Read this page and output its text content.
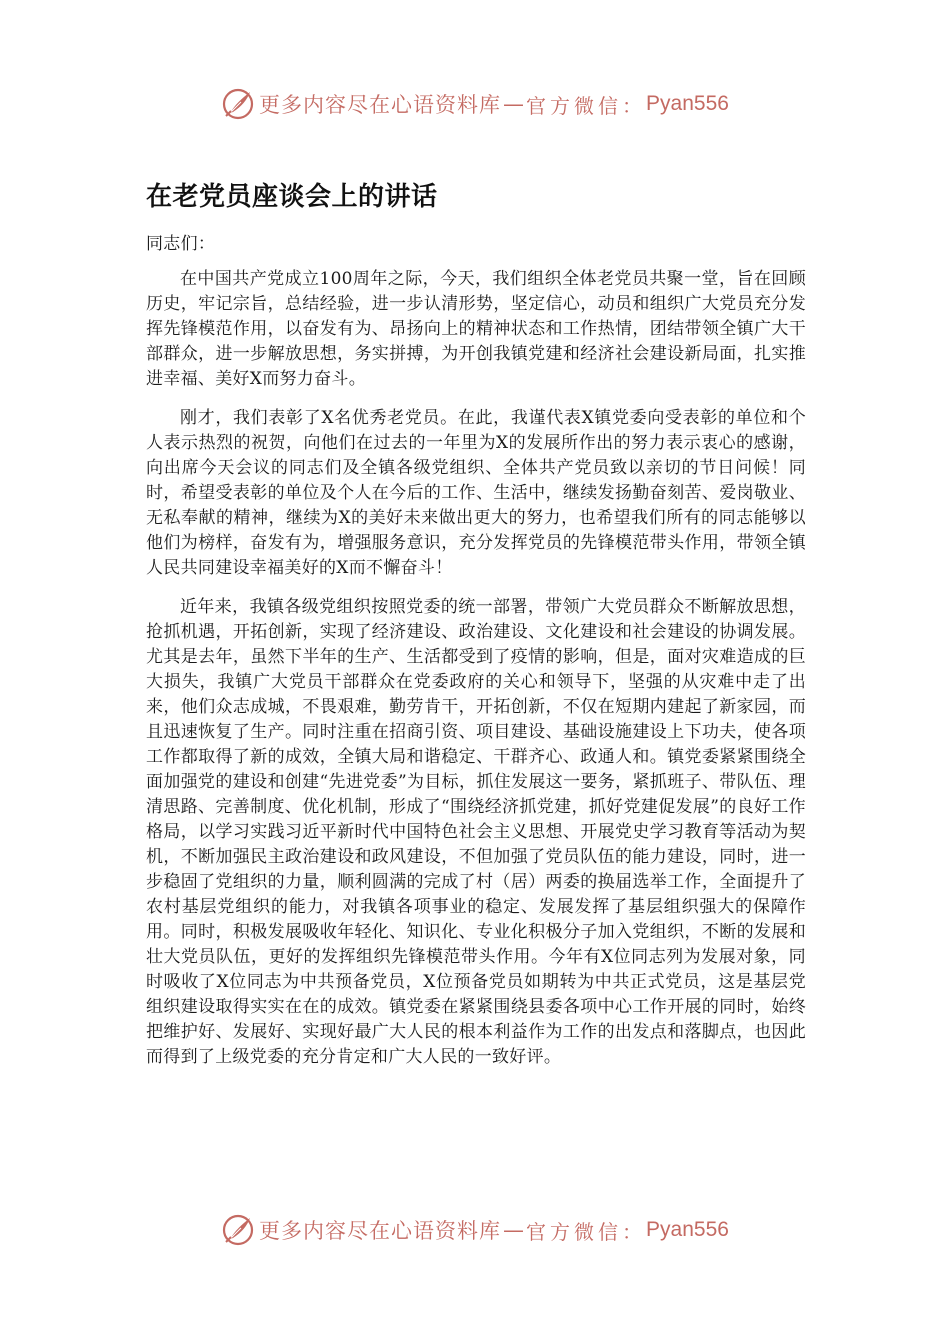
更多内容尽在心语资料库 — 官方微信： Pyan556
在老党员座谈会上的讲话

同志们：

在中国共产党成立100周年之际，今天，我们组织全体老党员共聚一堂，旨在回顾历史，牢记宗旨，总结经验，进一步认清形势，坚定信心，动员和组织广大党员充分发挥先锋模范作用，以奋发有为、昂扬向上的精神状态和工作热情，团结带领全镇广大干部群众，进一步解放思想，务实拼搏，为开创我镇党建和经济社会建设新局面，扎实推进幸福、美好X而努力奋斗。

刚才，我们表彰了X名优秀老党员。在此，我谨代表X镇党委向受表彰的单位和个人表示热烈的祝贺，向他们在过去的一年里为X的发展所作出的努力表示衷心的感谢，向出席今天会议的同志们及全镇各级党组织、全体共产党员致以亲切的节日问候！同时，希望受表彰的单位及个人在今后的工作、生活中，继续发扬勤奋刻苦、爱岗敬业、无私奉献的精神，继续为X的美好未来做出更大的努力，也希望我们所有的同志能够以他们为榜样，奋发有为，增强服务意识，充分发挥党员的先锋模范带头作用，带领全镇人民共同建设幸福美好的X而不懈奋斗！

近年来，我镇各级党组织按照党委的统一部署，带领广大党员群众不断解放思想，抢抓机遇，开拓创新，实现了经济建设、政治建设、文化建设和社会建设的协调发展。尤其是去年，虽然下半年的生产、生活都受到了疫情的影响，但是，面对灾难造成的巨大损失，我镇广大党员干部群众在党委政府的关心和领导下，坚强的从灾难中走了出来，他们众志成城，不畏艰难，勤劳肯干，开拓创新，不仅在短期内建起了新家园，而且迅速恢复了生产。同时注重在招商引资、项目建设、基础设施建设上下功夫，使各项工作都取得了新的成效，全镇大局和谐稳定、干群齐心、政通人和。镇党委紧紧围绕全面加强党的建设和创建“先进党委”为目标，抓住发展这一要务，紧抓班子、带队伍、理清思路、完善制度、优化机制，形成了“围绕经济抓党建，抓好党建促发展”的良好工作格局，以学习实践习近平新时代中国特色社会主义思想、开展党史学习教育等活动为契机，不断加强民主政治建设和政风建设，不但加强了党员队伍的能力建设，同时，进一步稳固了党组织的力量，顺利圆满的完成了村（居）两委的换届选举工作，全面提升了农村基层党组织的能力，对我镇各项事业的稳定、发展发挥了基层组织强大的保障作用。同时，积极发展吸收年轻化、知识化、专业化积极分子加入党组织，不断的发展和壮大党员队伍，更好的发挥组织先锋模范带头作用。今年有X位同志列为发展对象，同时吸收了X位同志为中共预备党员，X位预备党员如期转为中共正式党员，这是基层党组织建设取得实实在在的成效。镇党委在紧紧围绕县委各项中心工作开展的同时，始终把维护好、发展好、实现好最广大人民的根本利益作为工作的出发点和落脚点，也因此而得到了上级党委的充分肯定和广大人民的一致好评。

更多内容尽在心语资料库 — 官方微信： Pyan556
